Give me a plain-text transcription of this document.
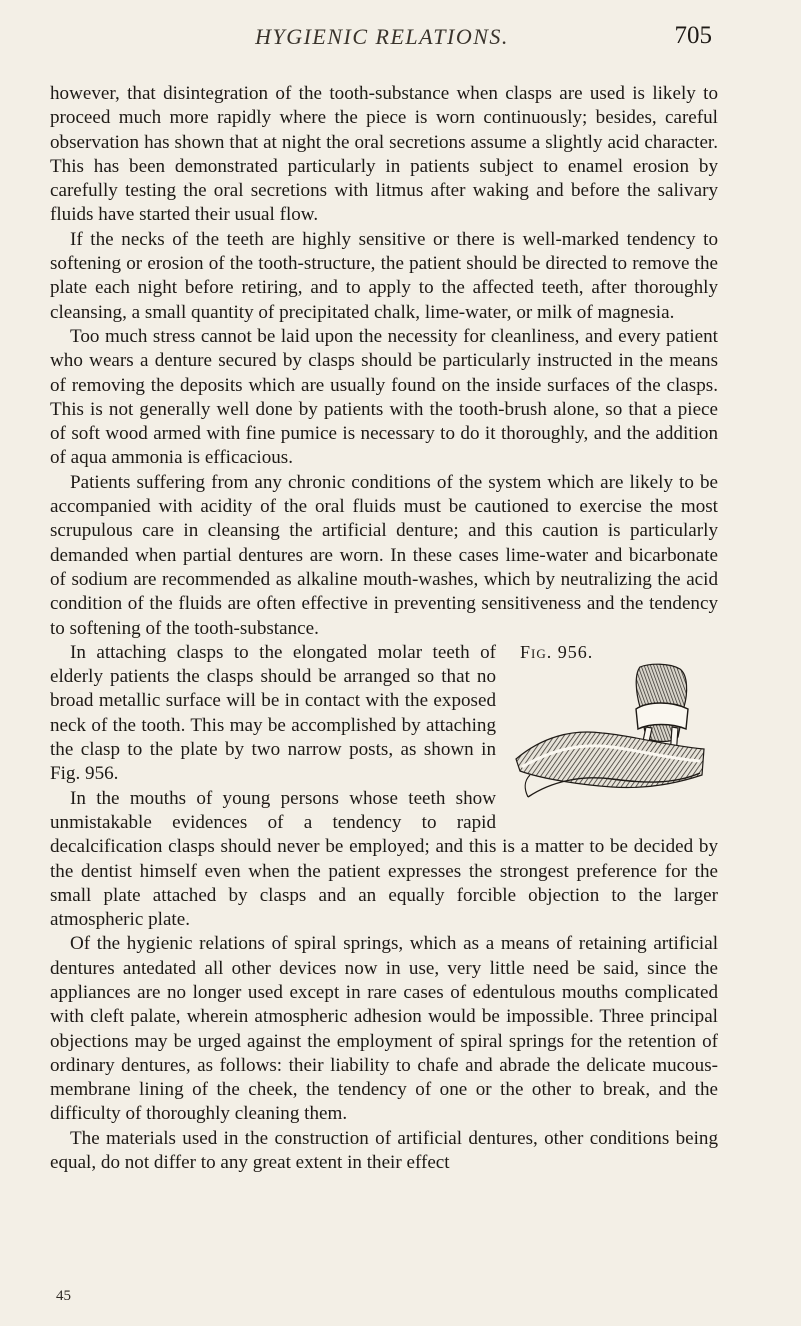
HYGIENIC RELATIONS.	705

however, that disintegration of the tooth-substance when clasps are used is likely to proceed much more rapidly where the piece is worn continuously; besides, careful observation has shown that at night the oral secretions assume a slightly acid character. This has been demonstrated particularly in patients subject to enamel erosion by carefully testing the oral secretions with litmus after waking and before the salivary fluids have started their usual flow.

If the necks of the teeth are highly sensitive or there is well-marked tendency to softening or erosion of the tooth-structure, the patient should be directed to remove the plate each night before retiring, and to apply to the affected teeth, after thoroughly cleansing, a small quantity of precipitated chalk, lime-water, or milk of magnesia.

Too much stress cannot be laid upon the necessity for cleanliness, and every patient who wears a denture secured by clasps should be particularly instructed in the means of removing the deposits which are usually found on the inside surfaces of the clasps. This is not generally well done by patients with the tooth-brush alone, so that a piece of soft wood armed with fine pumice is necessary to do it thoroughly, and the addition of aqua ammonia is efficacious.

Patients suffering from any chronic conditions of the system which are likely to be accompanied with acidity of the oral fluids must be cautioned to exercise the most scrupulous care in cleansing the artificial denture; and this caution is particularly demanded when partial dentures are worn. In these cases lime-water and bicarbonate of sodium are recommended as alkaline mouth-washes, which by neutralizing the acid condition of the fluids are often effective in preventing sensitiveness and the tendency to softening of the tooth-substance.

Fig. 956.

In attaching clasps to the elongated molar teeth of elderly patients the clasps should be arranged so that no broad metallic surface will be in contact with the exposed neck of the tooth. This may be accomplished by attaching the clasp to the plate by two narrow posts, as shown in Fig. 956.

In the mouths of young persons whose teeth show unmistakable evidences of a tendency to rapid decalcification clasps should never be employed; and this is a matter to be decided by the dentist himself even when the patient expresses the strongest preference for the small plate attached by clasps and an equally forcible objection to the larger atmospheric plate.

Of the hygienic relations of spiral springs, which as a means of retaining artificial dentures antedated all other devices now in use, very little need be said, since the appliances are no longer used except in rare cases of edentulous mouths complicated with cleft palate, wherein atmospheric adhesion would be impossible. Three principal objections may be urged against the employment of spiral springs for the retention of ordinary dentures, as follows: their liability to chafe and abrade the delicate mucous-membrane lining of the cheek, the tendency of one or the other to break, and the difficulty of thoroughly cleaning them.

The materials used in the construction of artificial dentures, other conditions being equal, do not differ to any great extent in their effect

45
